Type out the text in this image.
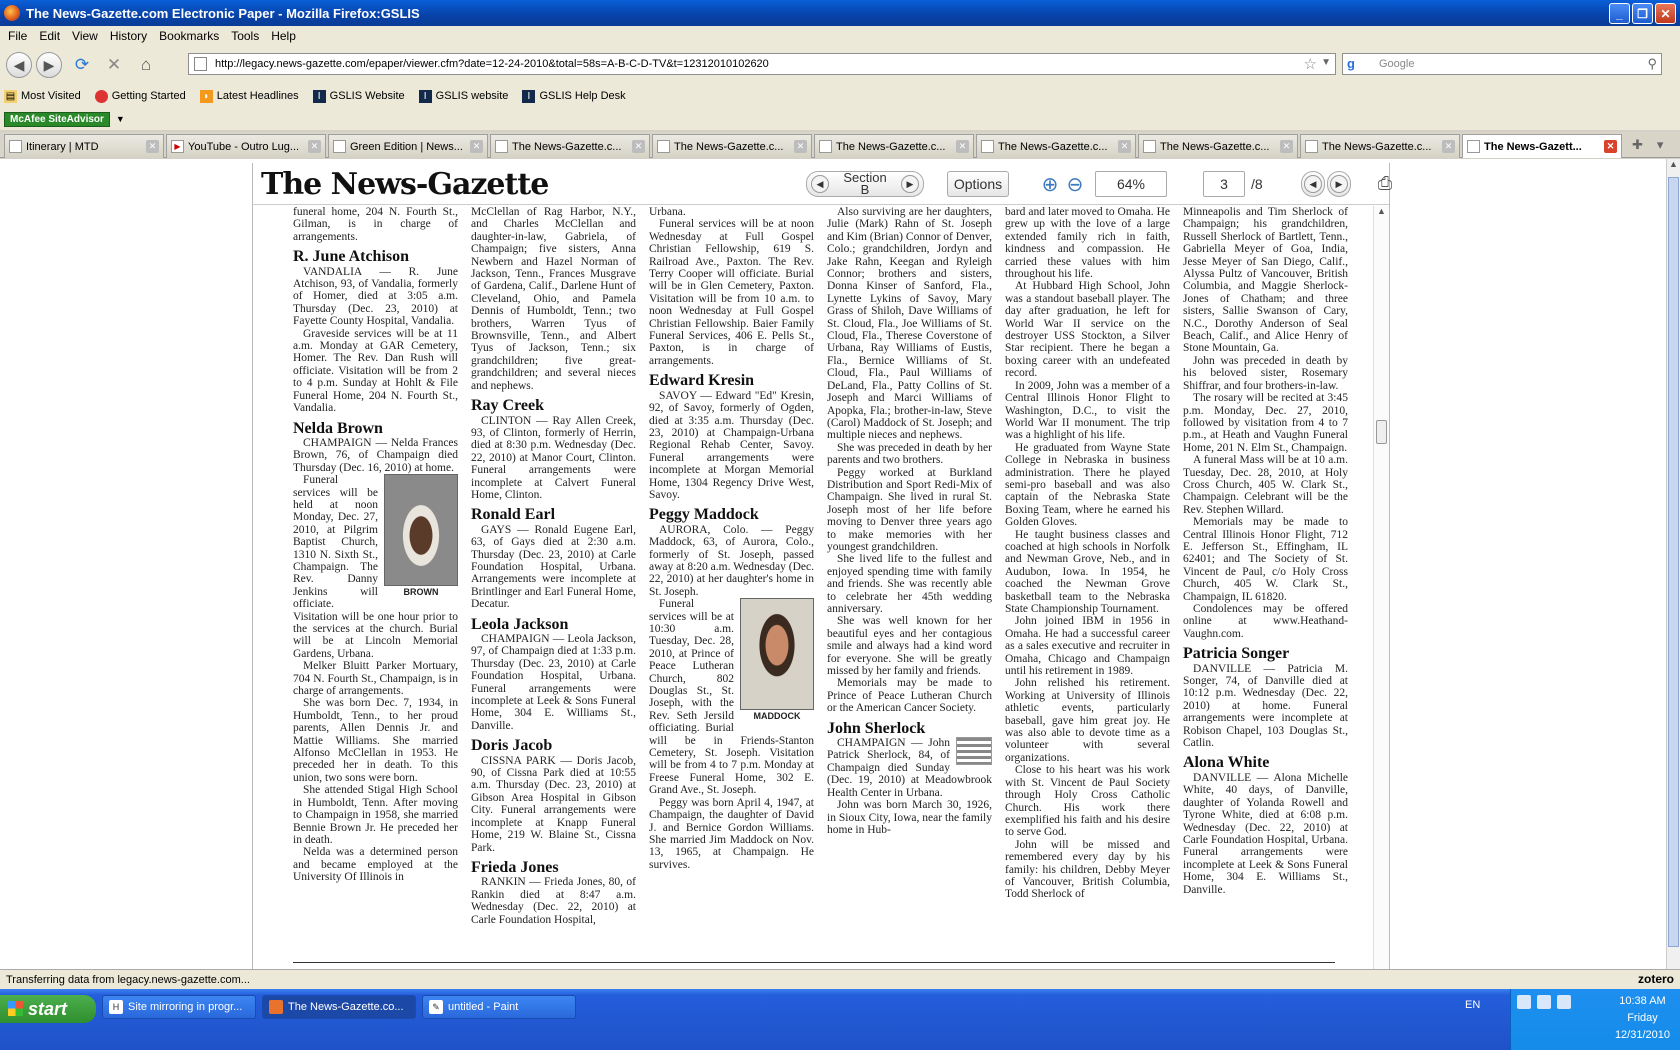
The News-Gazette.com Electronic Paper - Mozilla Firefox:GSLIS	_	❐	✕
File Edit View History Bookmarks Tools Help
◀	▶	⟳ ✕	⌂	http://legacy.news-gazette.com/epaper/viewer.cfm?date=12-24-2010&total=58s=A-B-C-D-TV&t=12312010102620	☆ ▼ g Google	⚲
▤ Most Visited	Getting Started	◗ Latest Headlines	I GSLIS Website	I GSLIS website	I GSLIS Help Desk
McAfee SiteAdvisor	▼
Itinerary | MTD	✕	▶ YouTube - Outro Lug...	✕	Green Edition | News...	✕	The News-Gazette.c...	✕	The News-Gazette.c...	✕	The News-Gazette.c...	✕	The News-Gazette.c...	✕	The News-Gazette.c...	✕	The News-Gazette.c...	✕	The News-Gazett...	✕ ✚ ▾
The News-Gazette	◀	Section
B	▶	Options	⊕ ⊖	64%	3	/8	◀	▶	⎙

funeral home, 204 N. Fourth St., Gilman, is in charge of arrangements.

R. June Atchison

VANDALIA — R. June Atchison, 93, of Vandalia, formerly of Homer, died at 3:05 a.m. Thursday (Dec. 23, 2010) at Fayette County Hospital, Vandalia.

Graveside services will be at 11 a.m. Monday at GAR Cemetery, Homer. The Rev. Dan Rush will officiate. Visitation will be from 2 to 4 p.m. Sunday at Hohlt & File Funeral Home, 204 N. Fourth St., Vandalia.

Nelda Brown

CHAMPAIGN — Nelda Frances Brown, 76, of Champaign died Thursday (Dec. 16, 2010) at home.

BROWN

Funeral services will be held at noon Monday, Dec. 27, 2010, at Pilgrim Baptist Church, 1310 N. Sixth St., Champaign. The Rev. Danny Jenkins will officiate. Visitation will be one hour prior to the services at the church. Burial will be at Lincoln Memorial Gardens, Urbana.

Melker Bluitt Parker Mortuary, 704 N. Fourth St., Champaign, is in charge of arrangements.

She was born Dec. 7, 1934, in Humboldt, Tenn., to her proud parents, Allen Dennis Jr. and Mattie Williams. She married Alfonso McClellan in 1953. He preceded her in death. To this union, two sons were born.

She attended Stigal High School in Humboldt, Tenn. After moving to Champaign in 1958, she married Bennie Brown Jr. He preceded her in death.

Nelda was a determined person and became employed at the University Of Illinois in

McClellan of Rag Harbor, N.Y., and Charles McClellan and daughter-in-law, Gabriela, of Champaign; five sisters, Anna Newbern and Hazel Norman of Jackson, Tenn., Frances Musgrave of Gardena, Calif., Darlene Hunt of Cleveland, Ohio, and Pamela Dennis of Humboldt, Tenn.; two brothers, Warren Tyus of Brownsville, Tenn., and Albert Tyus of Jackson, Tenn.; six grandchildren; five great-grandchildren; and several nieces and nephews.

Ray Creek

CLINTON — Ray Allen Creek, 93, of Clinton, formerly of Herrin, died at 8:30 p.m. Wednesday (Dec. 22, 2010) at Manor Court, Clinton. Funeral arrangements were incomplete at Calvert Funeral Home, Clinton.

Ronald Earl

GAYS — Ronald Eugene Earl, 63, of Gays died at 2:30 a.m. Thursday (Dec. 23, 2010) at Carle Foundation Hospital, Urbana. Arrangements were incomplete at Brintlinger and Earl Funeral Home, Decatur.

Leola Jackson

CHAMPAIGN — Leola Jackson, 97, of Champaign died at 1:33 p.m. Thursday (Dec. 23, 2010) at Carle Foundation Hospital, Urbana. Funeral arrangements were incomplete at Leek & Sons Funeral Home, 304 E. Williams St., Danville.

Doris Jacob

CISSNA PARK — Doris Jacob, 90, of Cissna Park died at 10:55 a.m. Thursday (Dec. 23, 2010) at Gibson Area Hospital in Gibson City. Funeral arrangements were incomplete at Knapp Funeral Home, 219 W. Blaine St., Cissna Park.

Frieda Jones

RANKIN — Frieda Jones, 80, of Rankin died at 8:47 a.m. Wednesday (Dec. 22, 2010) at Carle Foundation Hospital,

Urbana.

Funeral services will be at noon Wednesday at Full Gospel Christian Fellowship, 619 S. Railroad Ave., Paxton. The Rev. Terry Cooper will officiate. Burial will be in Glen Cemetery, Paxton. Visitation will be from 10 a.m. to noon Wednesday at Full Gospel Christian Fellowship. Baier Family Funeral Services, 406 E. Pells St., Paxton, is in charge of arrangements.

Edward Kresin

SAVOY — Edward "Ed" Kresin, 92, of Savoy, formerly of Ogden, died at 3:35 a.m. Thursday (Dec. 23, 2010) at Champaign-Urbana Regional Rehab Center, Savoy. Funeral arrangements were incomplete at Morgan Memorial Home, 1304 Regency Drive West, Savoy.

Peggy Maddock

AURORA, Colo. — Peggy Maddock, 63, of Aurora, Colo., formerly of St. Joseph, passed away at 8:20 a.m. Wednesday (Dec. 22, 2010) at her daughter's home in St. Joseph.

MADDOCK

Funeral services will be at 10:30 a.m. Tuesday, Dec. 28, 2010, at Prince of Peace Lutheran Church, 802 Douglas St., St. Joseph, with the Rev. Seth Jersild officiating. Burial will be in Friends-Stanton Cemetery, St. Joseph. Visitation will be from 4 to 7 p.m. Monday at Freese Funeral Home, 302 E. Grand Ave., St. Joseph.

Peggy was born April 4, 1947, at Champaign, the daughter of David J. and Bernice Gordon Williams. She married Jim Maddock on Nov. 13, 1965, at Champaign. He survives.

Also surviving are her daughters, Julie (Mark) Rahn of St. Joseph and Kim (Brian) Connor of Denver, Colo.; grandchildren, Jordyn and Jake Rahn, Keegan and Ryleigh Connor; brothers and sisters, Donna Kinser of Sanford, Fla., Lynette Lykins of Savoy, Mary Grass of Shiloh, Dave Williams of St. Cloud, Fla., Joe Williams of St. Cloud, Fla., Therese Coverstone of Urbana, Ray Williams of Eustis, Fla., Bernice Williams of St. Cloud, Fla., Paul Williams of DeLand, Fla., Patty Collins of St. Joseph and Marci Williams of Apopka, Fla.; brother-in-law, Steve (Carol) Maddock of St. Joseph; and multiple nieces and nephews.

She was preceded in death by her parents and two brothers.

Peggy worked at Burkland Distribution and Sport Redi-Mix of Champaign. She lived in rural St. Joseph most of her life before moving to Denver three years ago to make memories with her youngest grandchildren.

She lived life to the fullest and enjoyed spending time with family and friends. She was recently able to celebrate her 45th wedding anniversary.

She was well known for her beautiful eyes and her contagious smile and always had a kind word for everyone. She will be greatly missed by her family and friends.

Memorials may be made to Prince of Peace Lutheran Church or the American Cancer Society.

John Sherlock

CHAMPAIGN — John Patrick Sherlock, 84, of Champaign died Sunday (Dec. 19, 2010) at Meadowbrook Health Center in Urbana.

John was born March 30, 1926, in Sioux City, Iowa, near the family home in Hub-

bard and later moved to Omaha. He grew up with the love of a large extended family rich in faith, kindness and compassion. He carried these values with him throughout his life.

At Hubbard High School, John was a standout baseball player. The day after graduation, he left for World War II service on the destroyer USS Stockton, a Silver Star recipient. There he began a boxing career with an undefeated record.

In 2009, John was a member of a Central Illinois Honor Flight to Washington, D.C., to visit the World War II monument. The trip was a highlight of his life.

He graduated from Wayne State College in Nebraska in business administration. There he played semi-pro baseball and was also captain of the Nebraska State Boxing Team, where he earned his Golden Gloves.

He taught business classes and coached at high schools in Norfolk and Newman Grove, Neb., and in Audubon, Iowa. In 1954, he coached the Newman Grove basketball team to the Nebraska State Championship Tournament.

John joined IBM in 1956 in Omaha. He had a successful career as a sales executive and recruiter in Omaha, Chicago and Champaign until his retirement in 1989.

John relished his retirement. Working at University of Illinois athletic events, particularly baseball, gave him great joy. He was also able to devote time as a volunteer with several organizations.

Close to his heart was his work with St. Vincent de Paul Society through Holy Cross Catholic Church. His work there exemplified his faith and his desire to serve God.

John will be missed and remembered every day by his family: his children, Debby Meyer of Vancouver, British Columbia, Todd Sherlock of

Minneapolis and Tim Sherlock of Champaign; his grandchildren, Russell Sherlock of Bartlett, Tenn., Gabriella Meyer of Goa, India, Jesse Meyer of San Diego, Calif., Alyssa Pultz of Vancouver, British Columbia, and Maggie Sherlock-Jones of Chatham; and three sisters, Sallie Swanson of Cary, N.C., Dorothy Anderson of Seal Beach, Calif., and Alice Henry of Stone Mountain, Ga.

John was preceded in death by his beloved sister, Rosemary Shiffrar, and four brothers-in-law.

The rosary will be recited at 3:45 p.m. Monday, Dec. 27, 2010, followed by visitation from 4 to 7 p.m., at Heath and Vaughn Funeral Home, 201 N. Elm St., Champaign.

A funeral Mass will be at 10 a.m. Tuesday, Dec. 28, 2010, at Holy Cross Church, 405 W. Clark St., Champaign. Celebrant will be the Rev. Stephen Willard.

Memorials may be made to Central Illinois Honor Flight, 712 E. Jefferson St., Effingham, IL 62401; and The Society of St. Vincent de Paul, c/o Holy Cross Church, 405 W. Clark St., Champaign, IL 61820.

Condolences may be offered online at www.Heathand-Vaughn.com.

Patricia Songer

DANVILLE — Patricia M. Songer, 74, of Danville died at 10:12 p.m. Wednesday (Dec. 22, 2010) at home. Funeral arrangements were incomplete at Robison Chapel, 103 Douglas St., Catlin.

Alona White

DANVILLE — Alona Michelle White, 40 days, of Danville, daughter of Yolanda Rowell and Tyrone White, died at 6:08 p.m. Wednesday (Dec. 22, 2010) at Carle Foundation Hospital, Urbana. Funeral arrangements were incomplete at Leek & Sons Funeral Home, 304 E. Williams St., Danville.

▲
▲
Transferring data from legacy.news-gazette.com...	zotero
start	H Site mirroring in progr...	The News-Gazette.co...	✎ untitled - Paint	EN	10:38 AM
Friday
12/31/2010
